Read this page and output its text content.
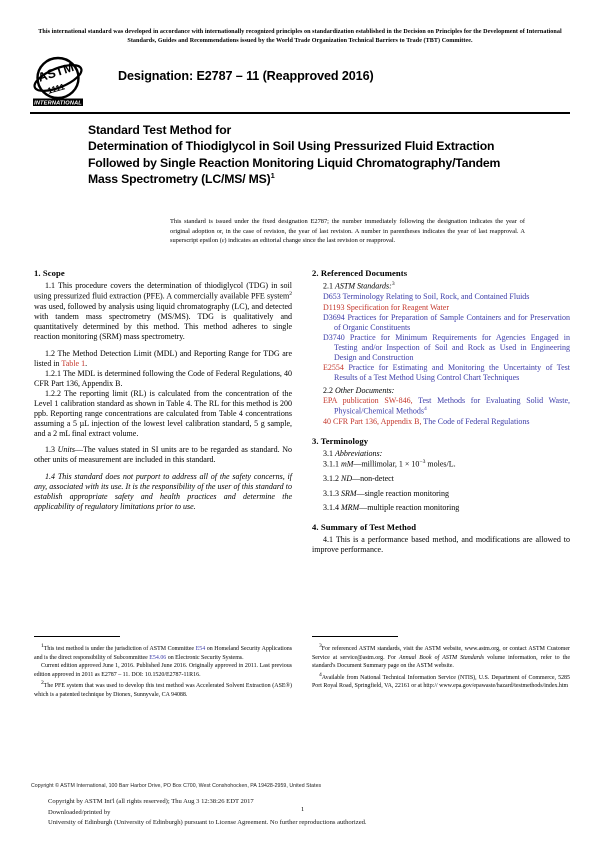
This international standard was developed in accordance with internationally recognized principles on standardization established in the Decision on Principles for the Development of International Standards, Guides and Recommendations issued by the World Trade Organization Technical Barriers to Trade (TBT) Committee.
ASTM
1111
INTERNATIONAL
Designation: E2787 – 11 (Reapproved 2016)
Standard Test Method for
Determination of Thiodiglycol in Soil Using Pressurized Fluid Extraction Followed by Single Reaction Monitoring Liquid Chromatography/Tandem Mass Spectrometry (LC/MS/ MS)$^1$
This standard is issued under the fixed designation E2787; the number immediately following the designation indicates the year of original adoption or, in the case of revision, the year of last revision. A number in parentheses indicates the year of last reapproval. A superscript epsilon (ε) indicates an editorial change since the last revision or reapproval.
1. Scope

1.1 This procedure covers the determination of thiodiglycol (TDG) in soil using pressurized fluid extraction (PFE). A commercially available PFE system$^2$ was used, followed by analysis using liquid chromatography (LC), and detected with tandem mass spectrometry (MS/MS). TDG is qualitatively and quantitatively determined by this method. This method adheres to single reaction monitoring (SRM) mass spectrometry.

1.2 The Method Detection Limit (MDL) and Reporting Range for TDG are listed in Table 1.

1.2.1 The MDL is determined following the Code of Federal Regulations, 40 CFR Part 136, Appendix B.

1.2.2 The reporting limit (RL) is calculated from the concentration of the Level 1 calibration standard as shown in Table 4. The RL for this method is 200 ppb. Reporting range concentrations are calculated from Table 4 concentrations assuming a 5 µL injection of the lowest level calibration standard, 5 g sample, and a 2 mL final extract volume.

1.3 Units—The values stated in SI units are to be regarded as standard. No other units of measurement are included in this standard.

1.4 This standard does not purport to address all of the safety concerns, if any, associated with its use. It is the responsibility of the user of this standard to establish appropriate safety and health practices and determine the applicability of regulatory limitations prior to use.

2. Referenced Documents

2.1 ASTM Standards:$^3$

D653 Terminology Relating to Soil, Rock, and Contained Fluids

D1193 Specification for Reagent Water

D3694 Practices for Preparation of Sample Containers and for Preservation of Organic Constituents

D3740 Practice for Minimum Requirements for Agencies Engaged in Testing and/or Inspection of Soil and Rock as Used in Engineering Design and Construction

E2554 Practice for Estimating and Monitoring the Uncertainty of Test Results of a Test Method Using Control Chart Techniques

2.2 Other Documents:

EPA publication SW-846, Test Methods for Evaluating Solid Waste, Physical/Chemical Methods$^4$

40 CFR Part 136, Appendix B, The Code of Federal Regulations

3. Terminology

3.1 Abbreviations:

3.1.1 mM—millimolar, 1 × 10$^{-3}$ moles/L.

3.1.2 ND—non-detect

3.1.3 SRM—single reaction monitoring

3.1.4 MRM—multiple reaction monitoring

4. Summary of Test Method

4.1 This is a performance based method, and modifications are allowed to improve performance.

$^1$This test method is under the jurisdiction of ASTM Committee E54 on Homeland Security Applications and is the direct responsibility of Subcommittee E54.06 on Electronic Security Systems.

Current edition approved June 1, 2016. Published June 2016. Originally approved in 2011. Last previous edition approved in 2011 as E2787 – 11. DOI: 10.1520/E2787-11R16.

$^2$The PFE system that was used to develop this test method was Accelerated Solvent Extraction (ASE®) which is a patented technique by Dionex, Sunnyvale, CA 94088.

$^3$For referenced ASTM standards, visit the ASTM website, www.astm.org, or contact ASTM Customer Service at service@astm.org. For Annual Book of ASTM Standards volume information, refer to the standard's Document Summary page on the ASTM website.

$^4$Available from National Technical Information Service (NTIS), U.S. Department of Commerce, 5285 Port Royal Road, Springfield, VA, 22161 or at http:// www.epa.gov/epawaste/hazard/testmethods/index.htm

Copyright © ASTM International, 100 Barr Harbor Drive, PO Box C700, West Conshohocken, PA 19428-2959, United States
Copyright by ASTM Int'l (all rights reserved); Thu Aug 3 12:38:26 EDT 2017
Downloaded/printed by
University of Edinburgh (University of Edinburgh) pursuant to License Agreement. No further reproductions authorized.
1
